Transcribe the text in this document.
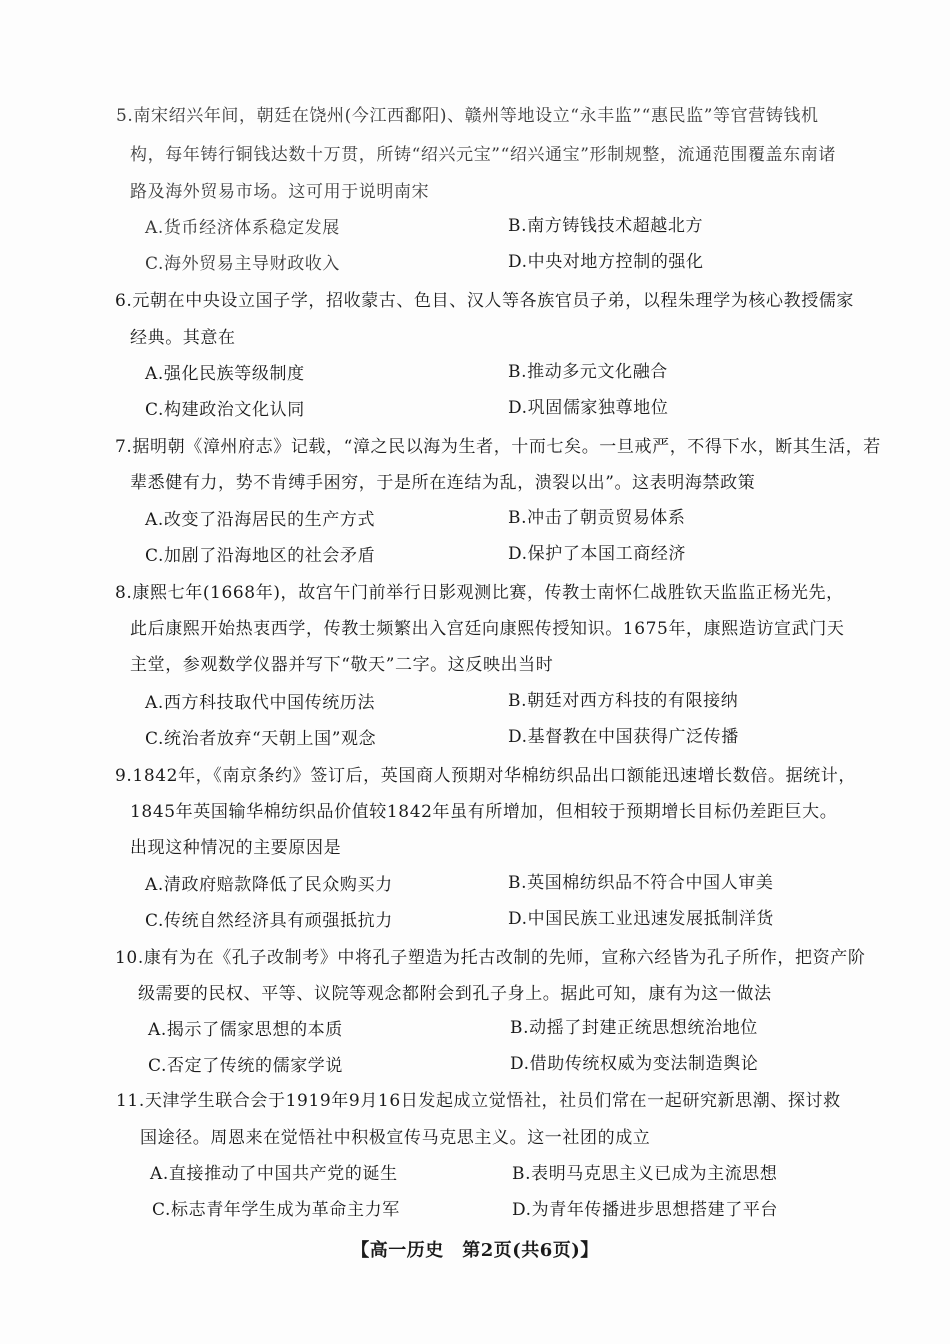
5.南宋绍兴年间，朝廷在饶州(今江西鄱阳)、赣州等地设立“永丰监”“惠民监”等官营铸钱机
构，每年铸行铜钱达数十万贯，所铸“绍兴元宝”“绍兴通宝”形制规整，流通范围覆盖东南诸
路及海外贸易市场。这可用于说明南宋
A.货币经济体系稳定发展	B.南方铸钱技术超越北方
C.海外贸易主导财政收入	D.中央对地方控制的强化
6.元朝在中央设立国子学，招收蒙古、色目、汉人等各族官员子弟，以程朱理学为核心教授儒家
经典。其意在
A.强化民族等级制度	B.推动多元文化融合
C.构建政治文化认同	D.巩固儒家独尊地位
7.据明朝《漳州府志》记载，“漳之民以海为生者，十而七矣。一旦戒严，不得下水，断其生活，若
辈悉健有力，势不肯缚手困穷，于是所在连结为乱，溃裂以出”。这表明海禁政策
A.改变了沿海居民的生产方式	B.冲击了朝贡贸易体系
C.加剧了沿海地区的社会矛盾	D.保护了本国工商经济
8.康熙七年(1668年)，故宫午门前举行日影观测比赛，传教士南怀仁战胜钦天监监正杨光先，
此后康熙开始热衷西学，传教士频繁出入宫廷向康熙传授知识。1675年，康熙造访宣武门天
主堂，参观数学仪器并写下“敬天”二字。这反映出当时
A.西方科技取代中国传统历法	B.朝廷对西方科技的有限接纳
C.统治者放弃“天朝上国”观念	D.基督教在中国获得广泛传播
9.1842年，《南京条约》签订后，英国商人预期对华棉纺织品出口额能迅速增长数倍。据统计，
1845年英国输华棉纺织品价值较1842年虽有所增加，但相较于预期增长目标仍差距巨大。
出现这种情况的主要原因是
A.清政府赔款降低了民众购买力	B.英国棉纺织品不符合中国人审美
C.传统自然经济具有顽强抵抗力	D.中国民族工业迅速发展抵制洋货
10.康有为在《孔子改制考》中将孔子塑造为托古改制的先师，宣称六经皆为孔子所作，把资产阶
级需要的民权、平等、议院等观念都附会到孔子身上。据此可知，康有为这一做法
A.揭示了儒家思想的本质	B.动摇了封建正统思想统治地位
C.否定了传统的儒家学说	D.借助传统权威为变法制造舆论
11.天津学生联合会于1919年9月16日发起成立觉悟社，社员们常在一起研究新思潮、探讨救
国途径。周恩来在觉悟社中积极宣传马克思主义。这一社团的成立
A.直接推动了中国共产党的诞生	B.表明马克思主义已成为主流思想
C.标志青年学生成为革命主力军	D.为青年传播进步思想搭建了平台
【高一历史　第2页(共6页)】
